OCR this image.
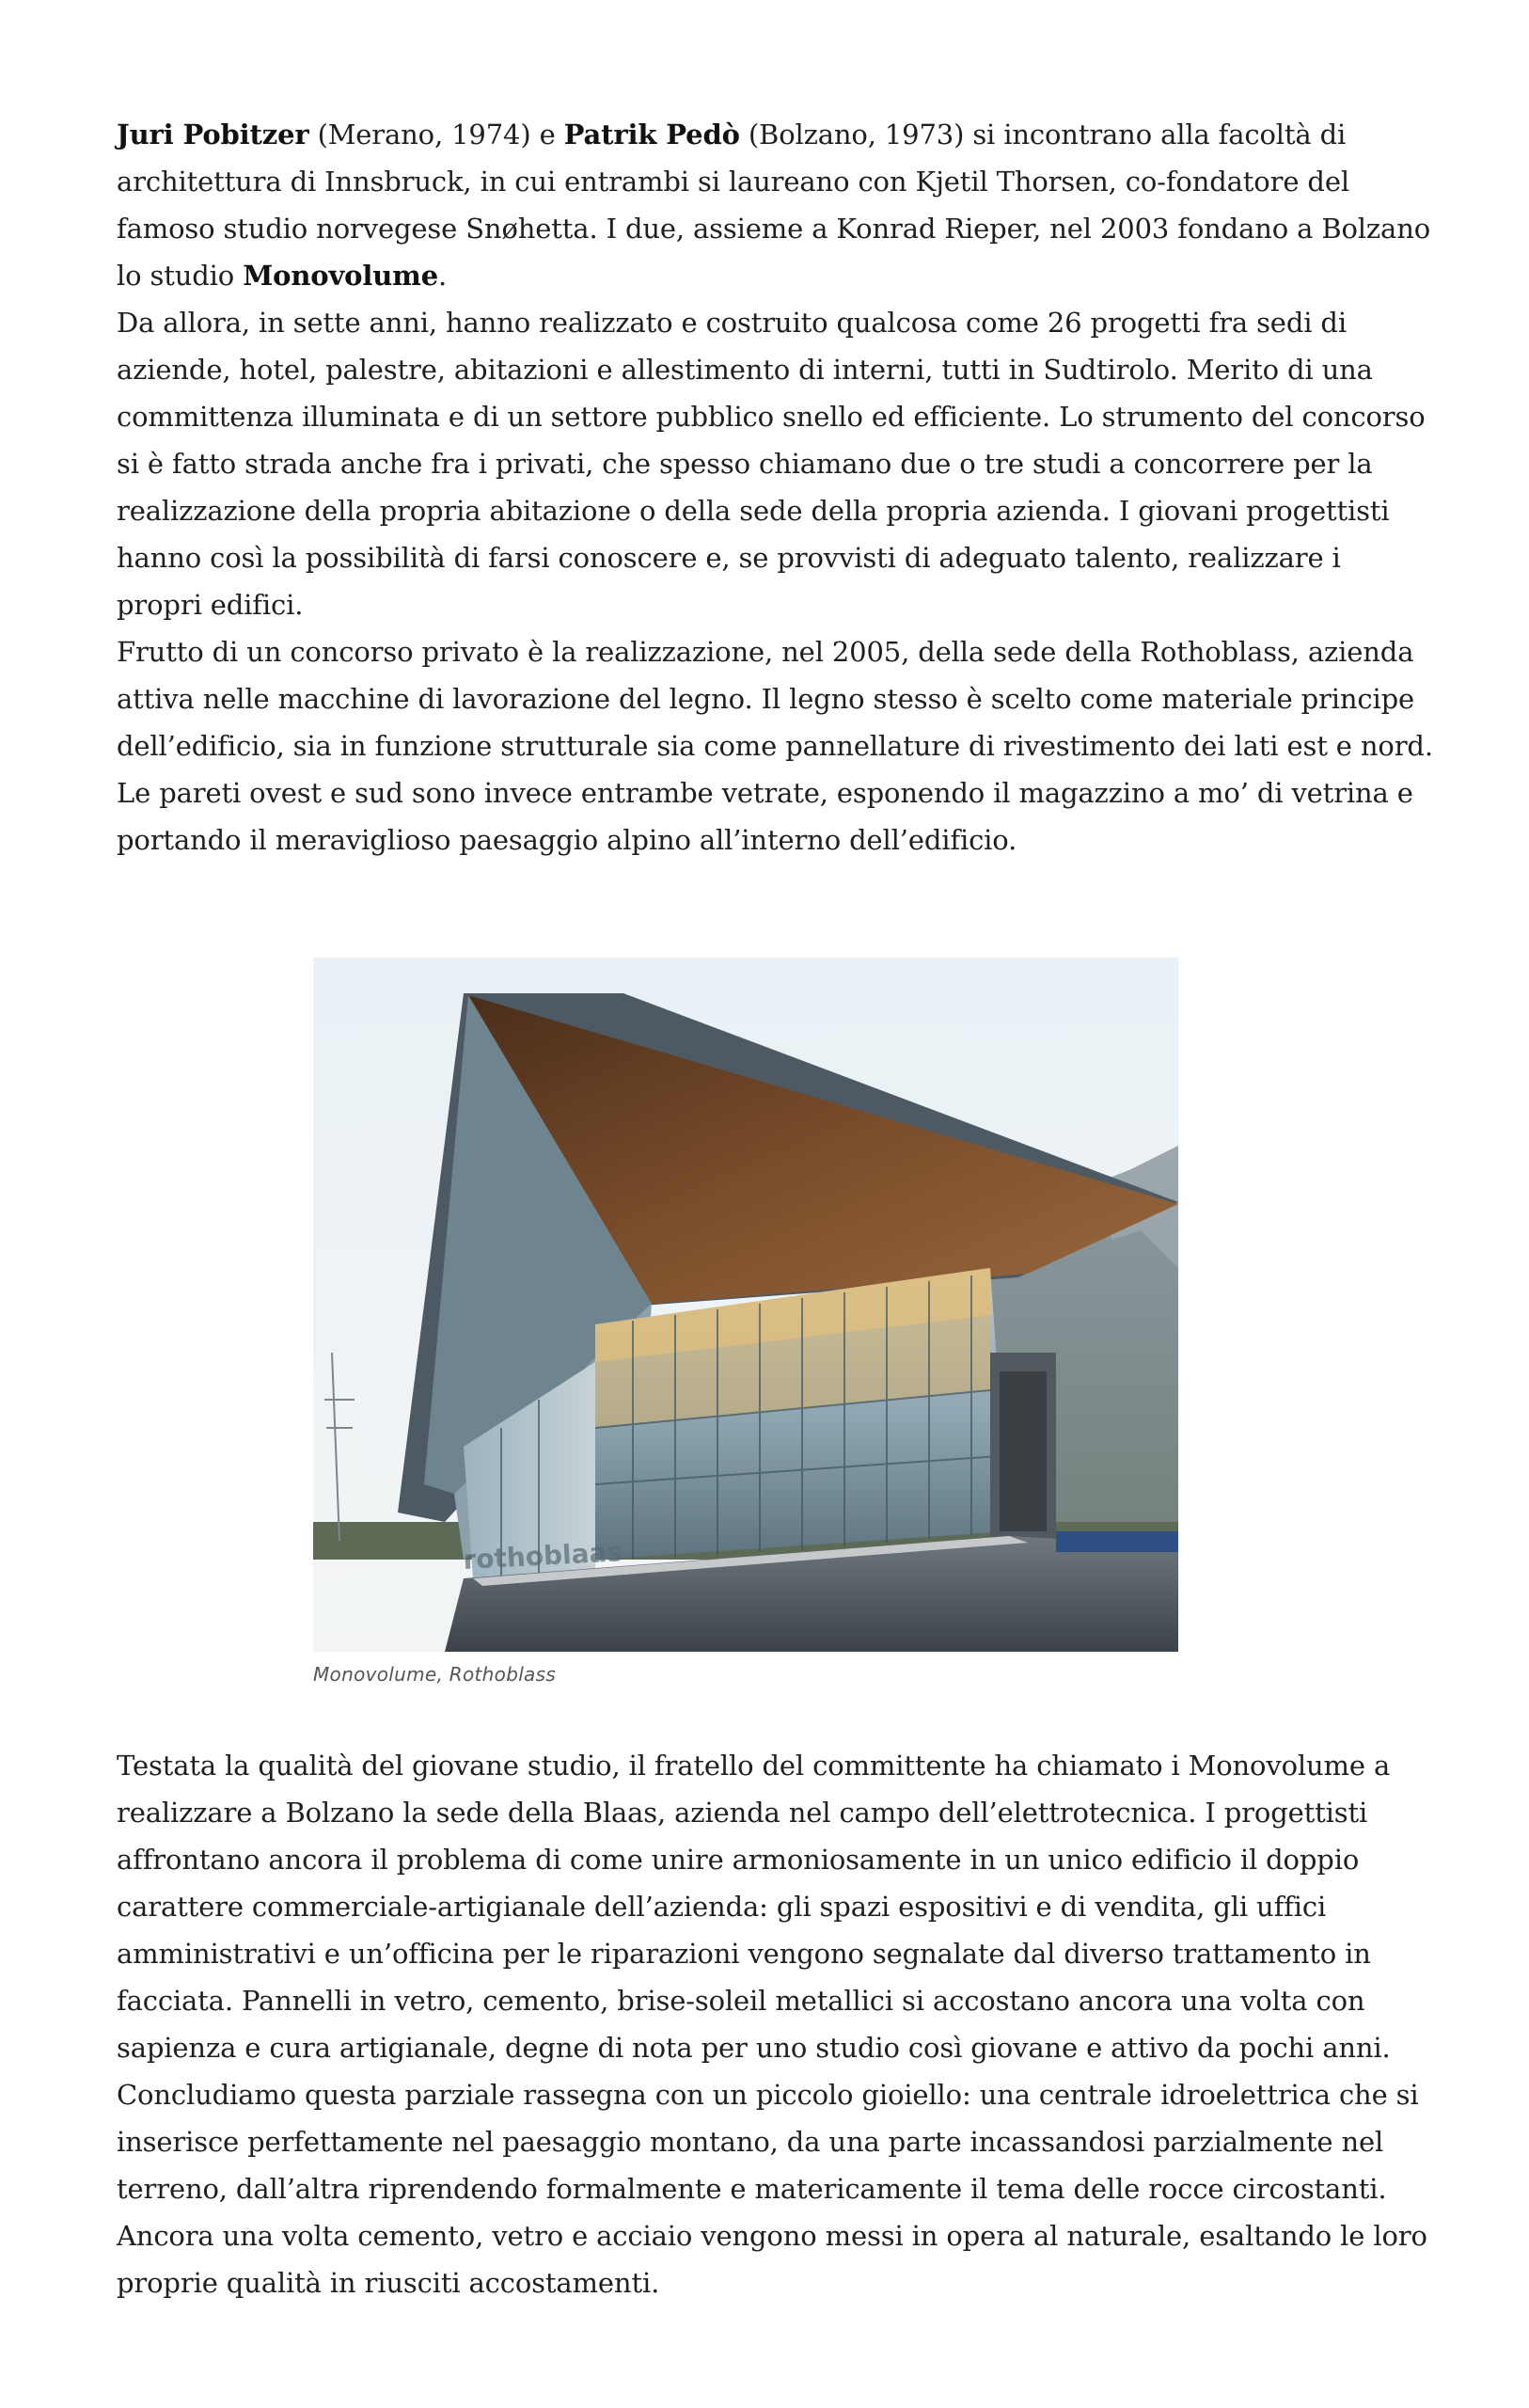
Juri Pobitzer (Merano, 1974) e Patrik Pedò (Bolzano, 1973) si incontrano alla facoltà di architettura di Innsbruck, in cui entrambi si laureano con Kjetil Thorsen, co-fondatore del famoso studio norvegese Snøhetta. I due, assieme a Konrad Rieper, nel 2003 fondano a Bolzano lo studio Monovolume.

Da allora, in sette anni, hanno realizzato e costruito qualcosa come 26 progetti fra sedi di aziende, hotel, palestre, abitazioni e allestimento di interni, tutti in Sudtirolo. Merito di una committenza illuminata e di un settore pubblico snello ed efficiente. Lo strumento del concorso si è fatto strada anche fra i privati, che spesso chiamano due o tre studi a concorrere per la realizzazione della propria abitazione o della sede della propria azienda. I giovani progettisti hanno così la possibilità di farsi conoscere e, se provvisti di adeguato talento, realizzare i propri edifici.

Frutto di un concorso privato è la realizzazione, nel 2005, della sede della Rothoblass, azienda attiva nelle macchine di lavorazione del legno. Il legno stesso è scelto come materiale principe dell’edificio, sia in funzione strutturale sia come pannellature di rivestimento dei lati est e nord. Le pareti ovest e sud sono invece entrambe vetrate, esponendo il magazzino a mo’ di vetrina e portando il meraviglioso paesaggio alpino all’interno dell’edificio.

rothoblaas
Monovolume, Rothoblass

Testata la qualità del giovane studio, il fratello del committente ha chiamato i Monovolume a realizzare a Bolzano la sede della Blaas, azienda nel campo dell’elettrotecnica. I progettisti affrontano ancora il problema di come unire armoniosamente in un unico edificio il doppio carattere commerciale-artigianale dell’azienda: gli spazi espositivi e di vendita, gli uffici amministrativi e un’officina per le riparazioni vengono segnalate dal diverso trattamento in facciata. Pannelli in vetro, cemento, brise-soleil metallici si accostano ancora una volta con sapienza e cura artigianale, degne di nota per uno studio così giovane e attivo da pochi anni.

Concludiamo questa parziale rassegna con un piccolo gioiello: una centrale idroelettrica che si inserisce perfettamente nel paesaggio montano, da una parte incassandosi parzialmente nel terreno, dall’altra riprendendo formalmente e matericamente il tema delle rocce circostanti. Ancora una volta cemento, vetro e acciaio vengono messi in opera al naturale, esaltando le loro proprie qualità in riusciti accostamenti.
